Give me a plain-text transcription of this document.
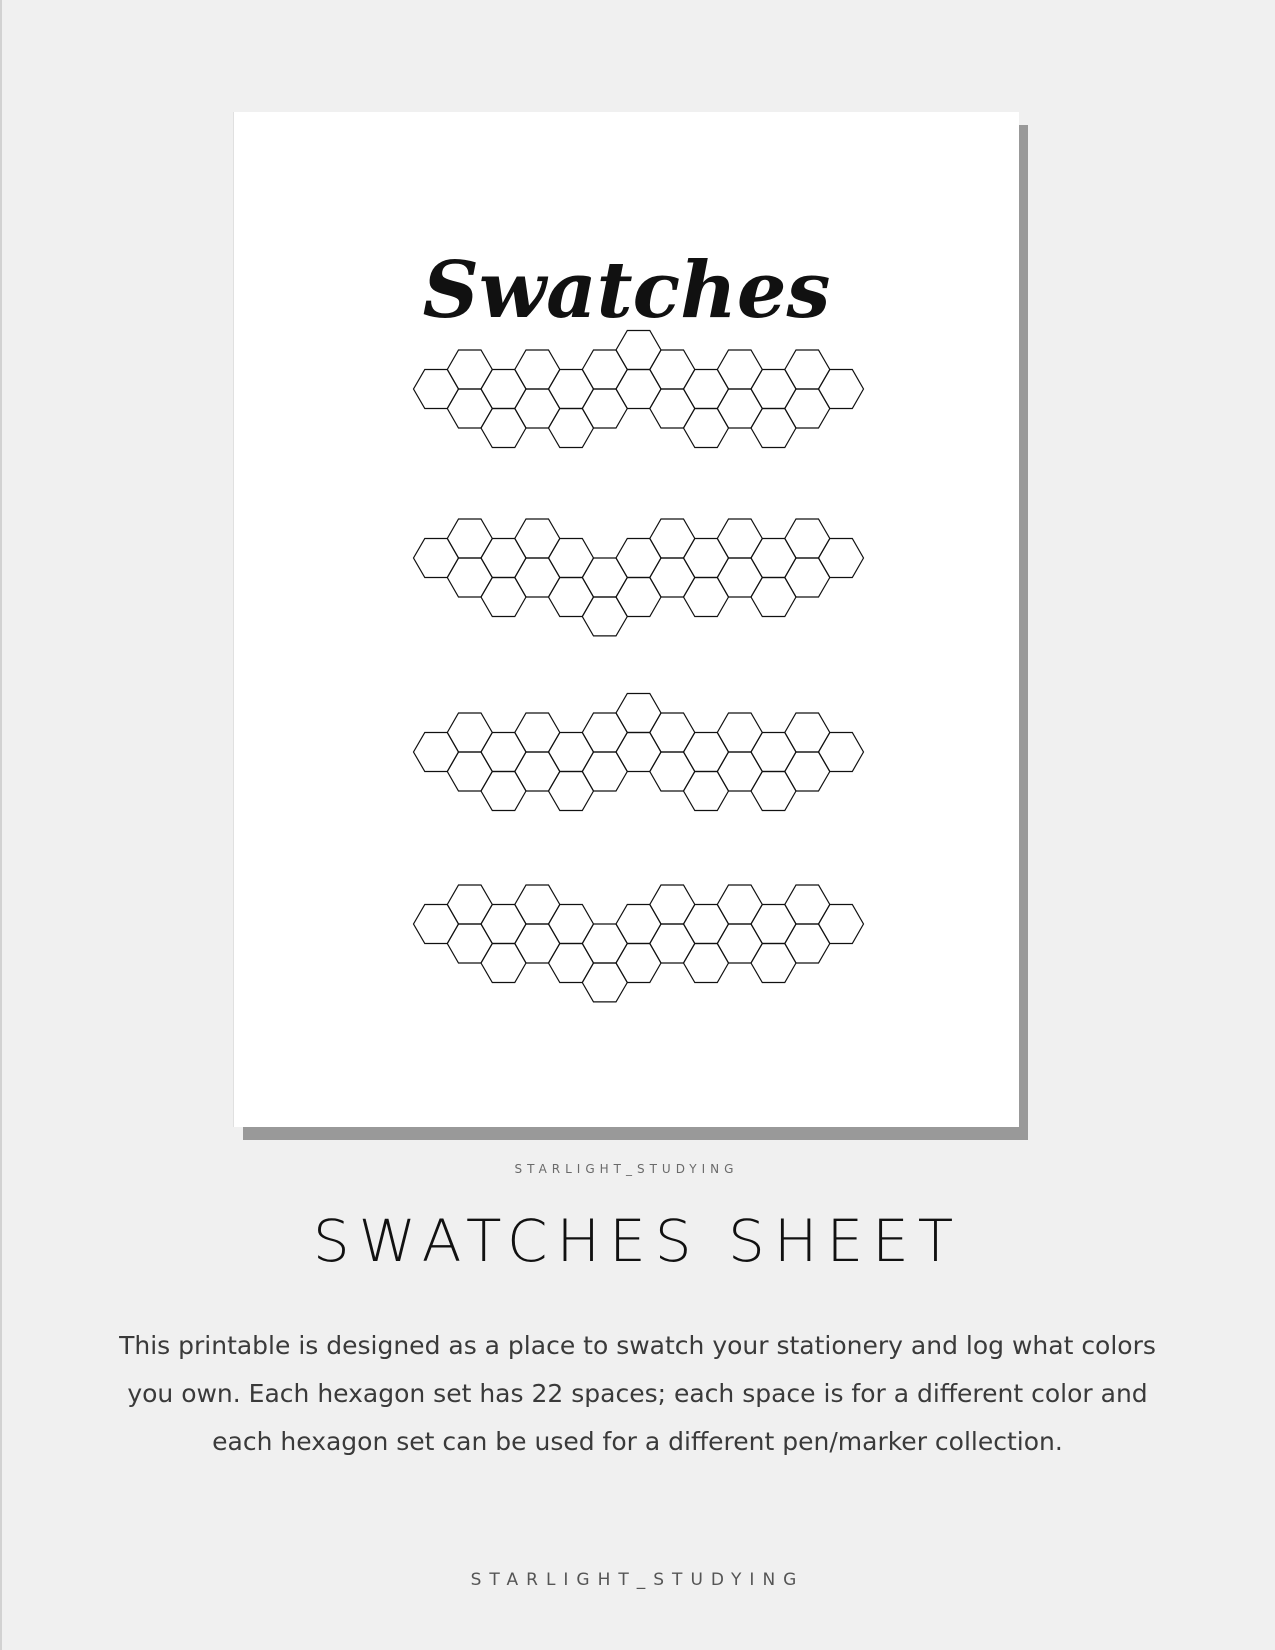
Swatches
STARLIGHT_STUDYING
SWATCHES SHEET
This printable is designed as a place to swatch your stationery and log what colors you own. Each hexagon set has 22 spaces; each space is for a different color and each hexagon set can be used for a different pen/marker collection.
STARLIGHT_STUDYING
